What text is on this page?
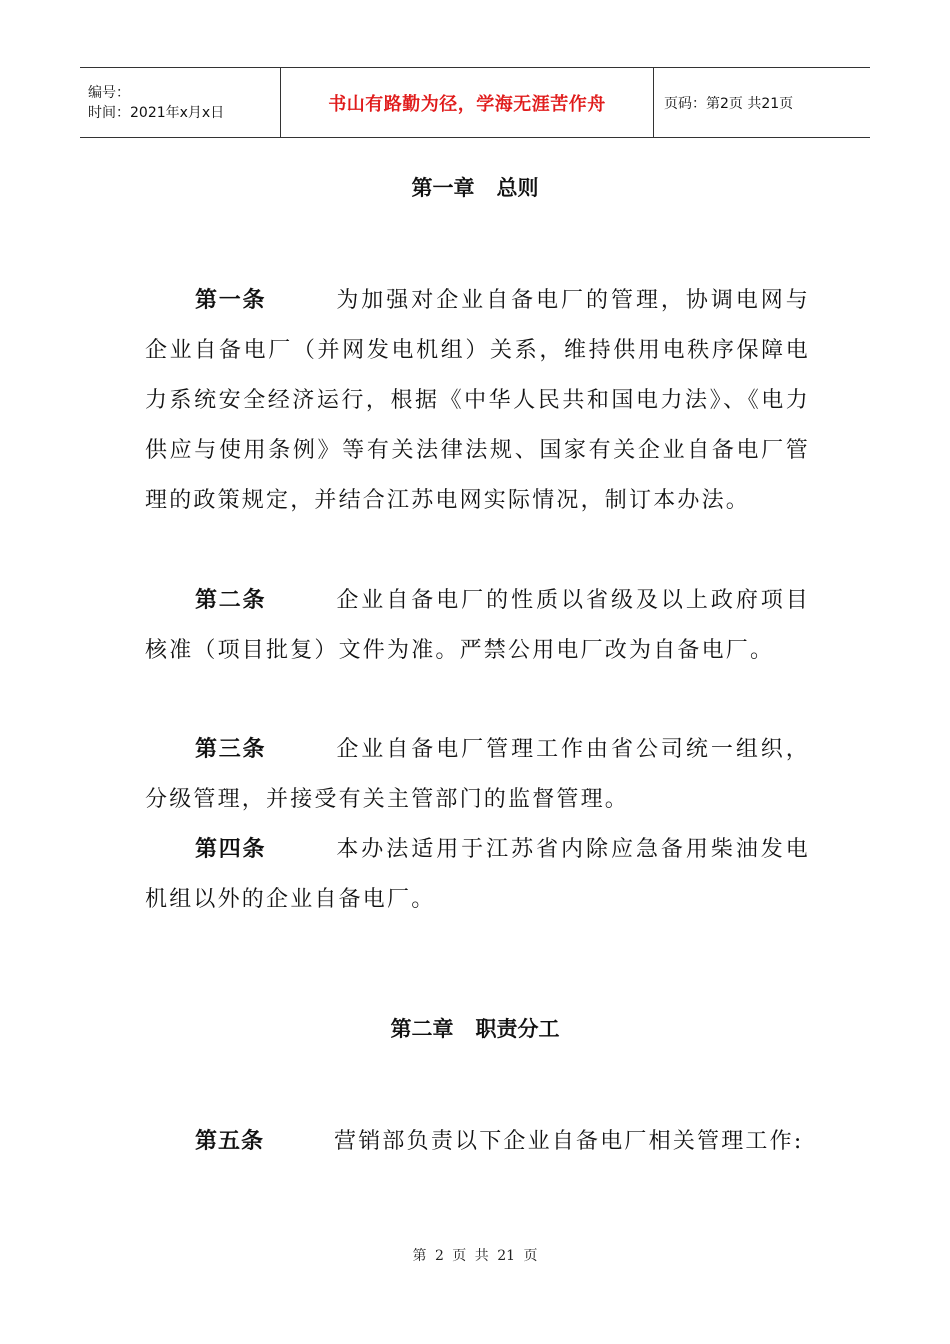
编号：
时间：2021年x月x日	书山有路勤为径，学海无涯苦作舟	页码：第2页 共21页
第一章 总则
第一条	为加强对企业自备电厂的管理，协调电网与企业自备电厂（并网发电机组）关系，维持供用电秩序保障电力系统安全经济运行，根据《中华人民共和国电力法》、《电力供应与使用条例》等有关法律法规、国家有关企业自备电厂管理的政策规定，并结合江苏电网实际情况，制订本办法。
第二条	企业自备电厂的性质以省级及以上政府项目核准（项目批复）文件为准。严禁公用电厂改为自备电厂。
第三条	企业自备电厂管理工作由省公司统一组织，分级管理，并接受有关主管部门的监督管理。
第四条	本办法适用于江苏省内除应急备用柴油发电机组以外的企业自备电厂。
第二章 职责分工
第五条	营销部负责以下企业自备电厂相关管理工作:
第 2 页 共 21 页
